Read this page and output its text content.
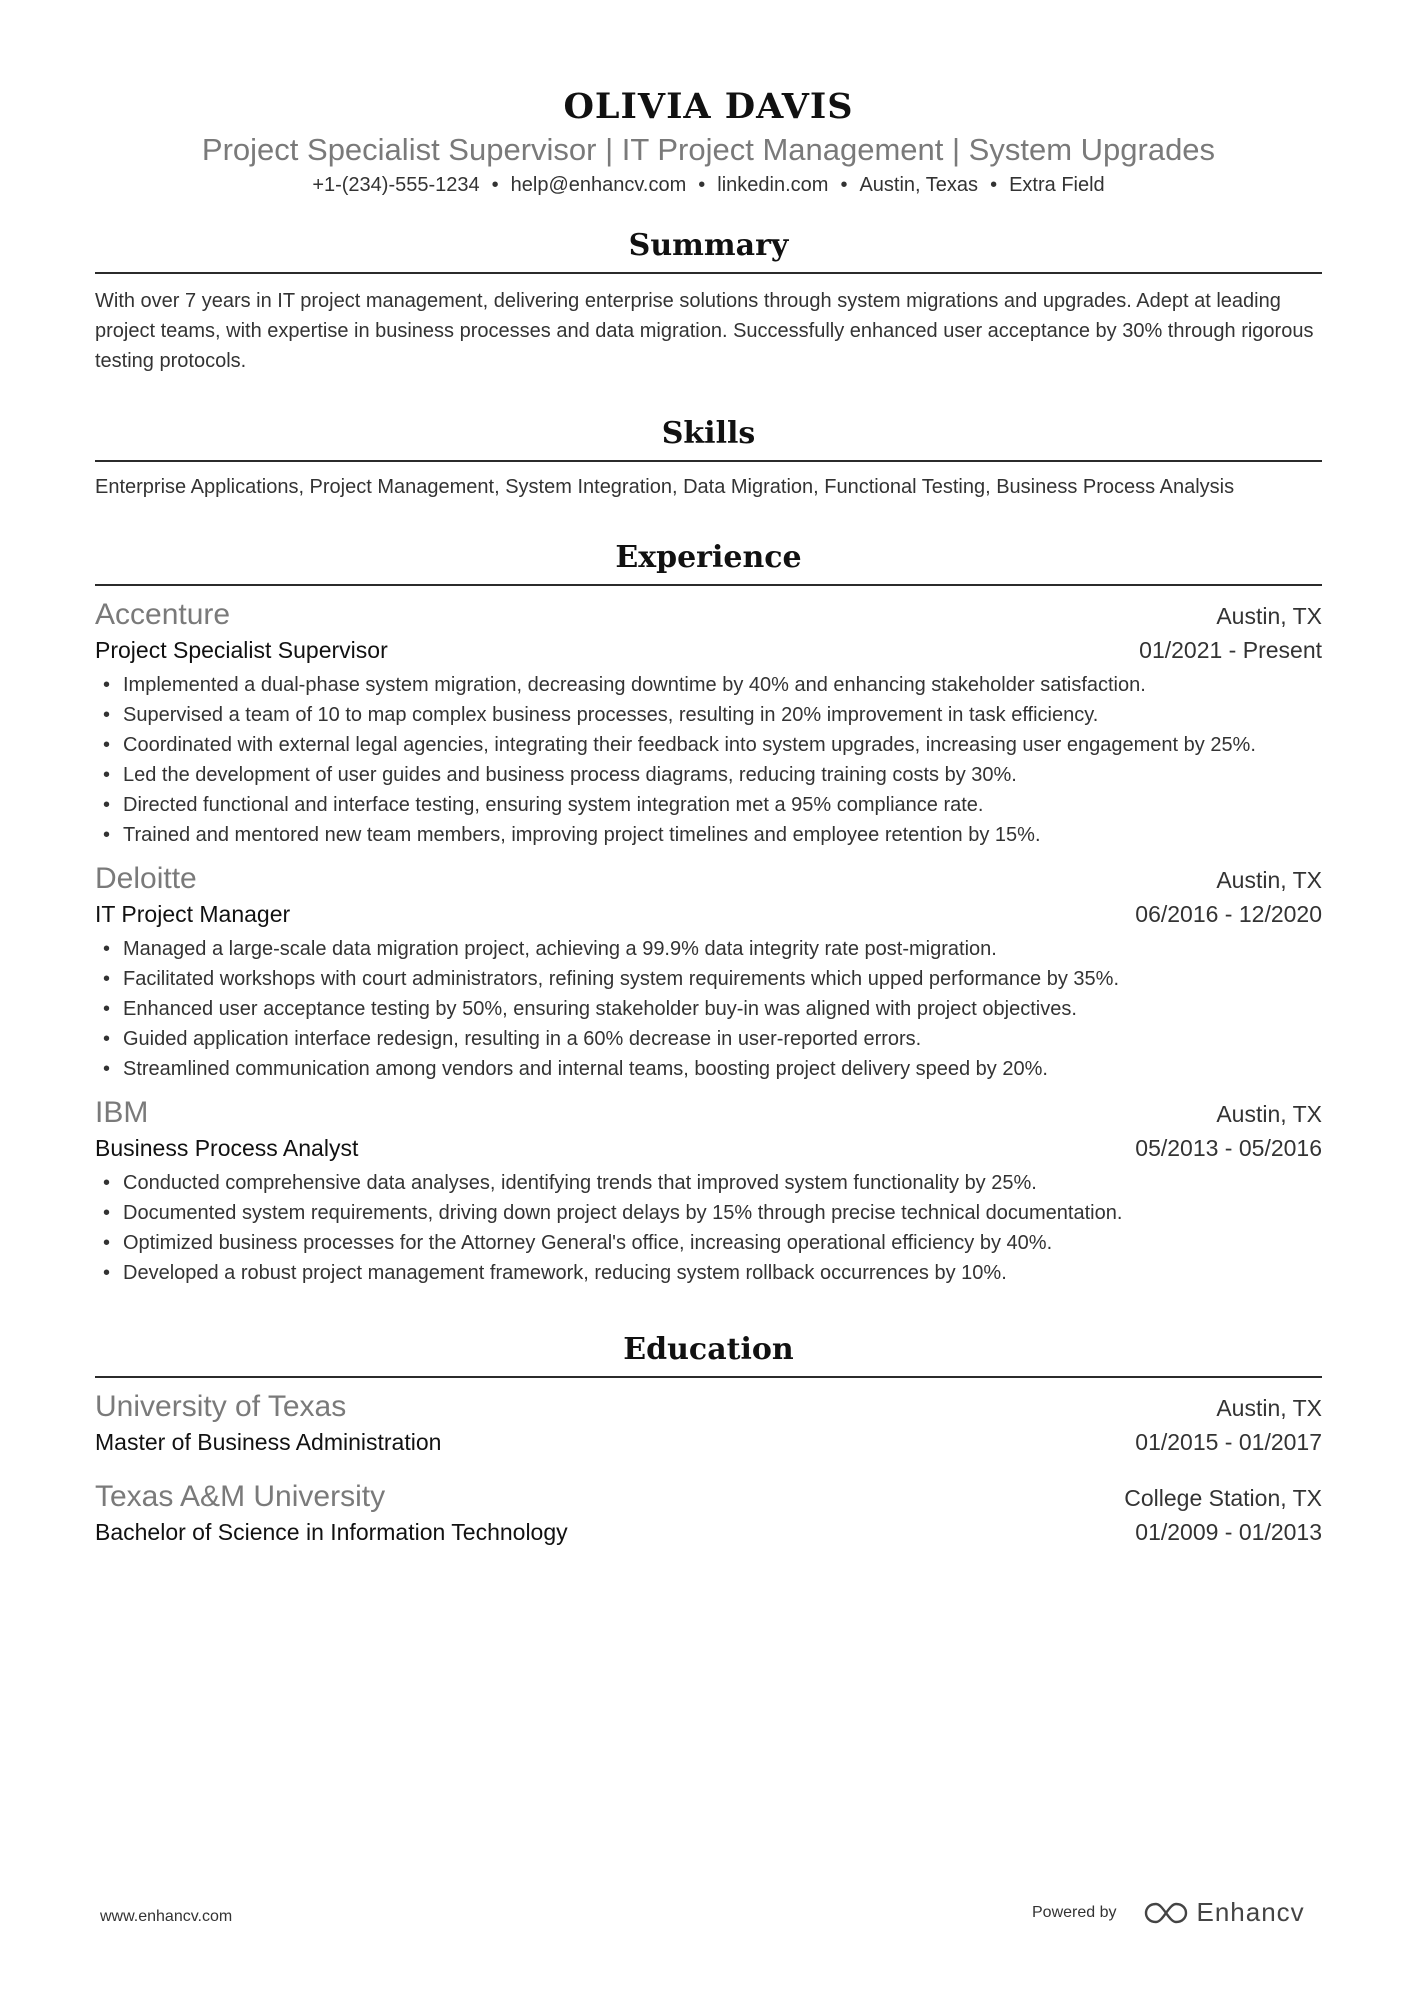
OLIVIA DAVIS
Project Specialist Supervisor | IT Project Management | System Upgrades
+1-(234)-555-1234 • help@enhancv.com • linkedin.com • Austin, Texas • Extra Field
Summary
With over 7 years in IT project management, delivering enterprise solutions through system migrations and upgrades. Adept at leading project teams, with expertise in business processes and data migration. Successfully enhanced user acceptance by 30% through rigorous testing protocols.
Skills
Enterprise Applications, Project Management, System Integration, Data Migration, Functional Testing, Business Process Analysis
Experience
Accenture	Austin, TX
Project Specialist Supervisor	01/2021 - Present
• Implemented a dual-phase system migration, decreasing downtime by 40% and enhancing stakeholder satisfaction.
• Supervised a team of 10 to map complex business processes, resulting in 20% improvement in task efficiency.
• Coordinated with external legal agencies, integrating their feedback into system upgrades, increasing user engagement by 25%.
• Led the development of user guides and business process diagrams, reducing training costs by 30%.
• Directed functional and interface testing, ensuring system integration met a 95% compliance rate.
• Trained and mentored new team members, improving project timelines and employee retention by 15%.
Deloitte	Austin, TX
IT Project Manager	06/2016 - 12/2020
• Managed a large-scale data migration project, achieving a 99.9% data integrity rate post-migration.
• Facilitated workshops with court administrators, refining system requirements which upped performance by 35%.
• Enhanced user acceptance testing by 50%, ensuring stakeholder buy-in was aligned with project objectives.
• Guided application interface redesign, resulting in a 60% decrease in user-reported errors.
• Streamlined communication among vendors and internal teams, boosting project delivery speed by 20%.
IBM	Austin, TX
Business Process Analyst	05/2013 - 05/2016
• Conducted comprehensive data analyses, identifying trends that improved system functionality by 25%.
• Documented system requirements, driving down project delays by 15% through precise technical documentation.
• Optimized business processes for the Attorney General's office, increasing operational efficiency by 40%.
• Developed a robust project management framework, reducing system rollback occurrences by 10%.
Education
University of Texas	Austin, TX
Master of Business Administration	01/2015 - 01/2017
Texas A&M University	College Station, TX
Bachelor of Science in Information Technology	01/2009 - 01/2013
www.enhancv.com	Powered by	Enhancv
